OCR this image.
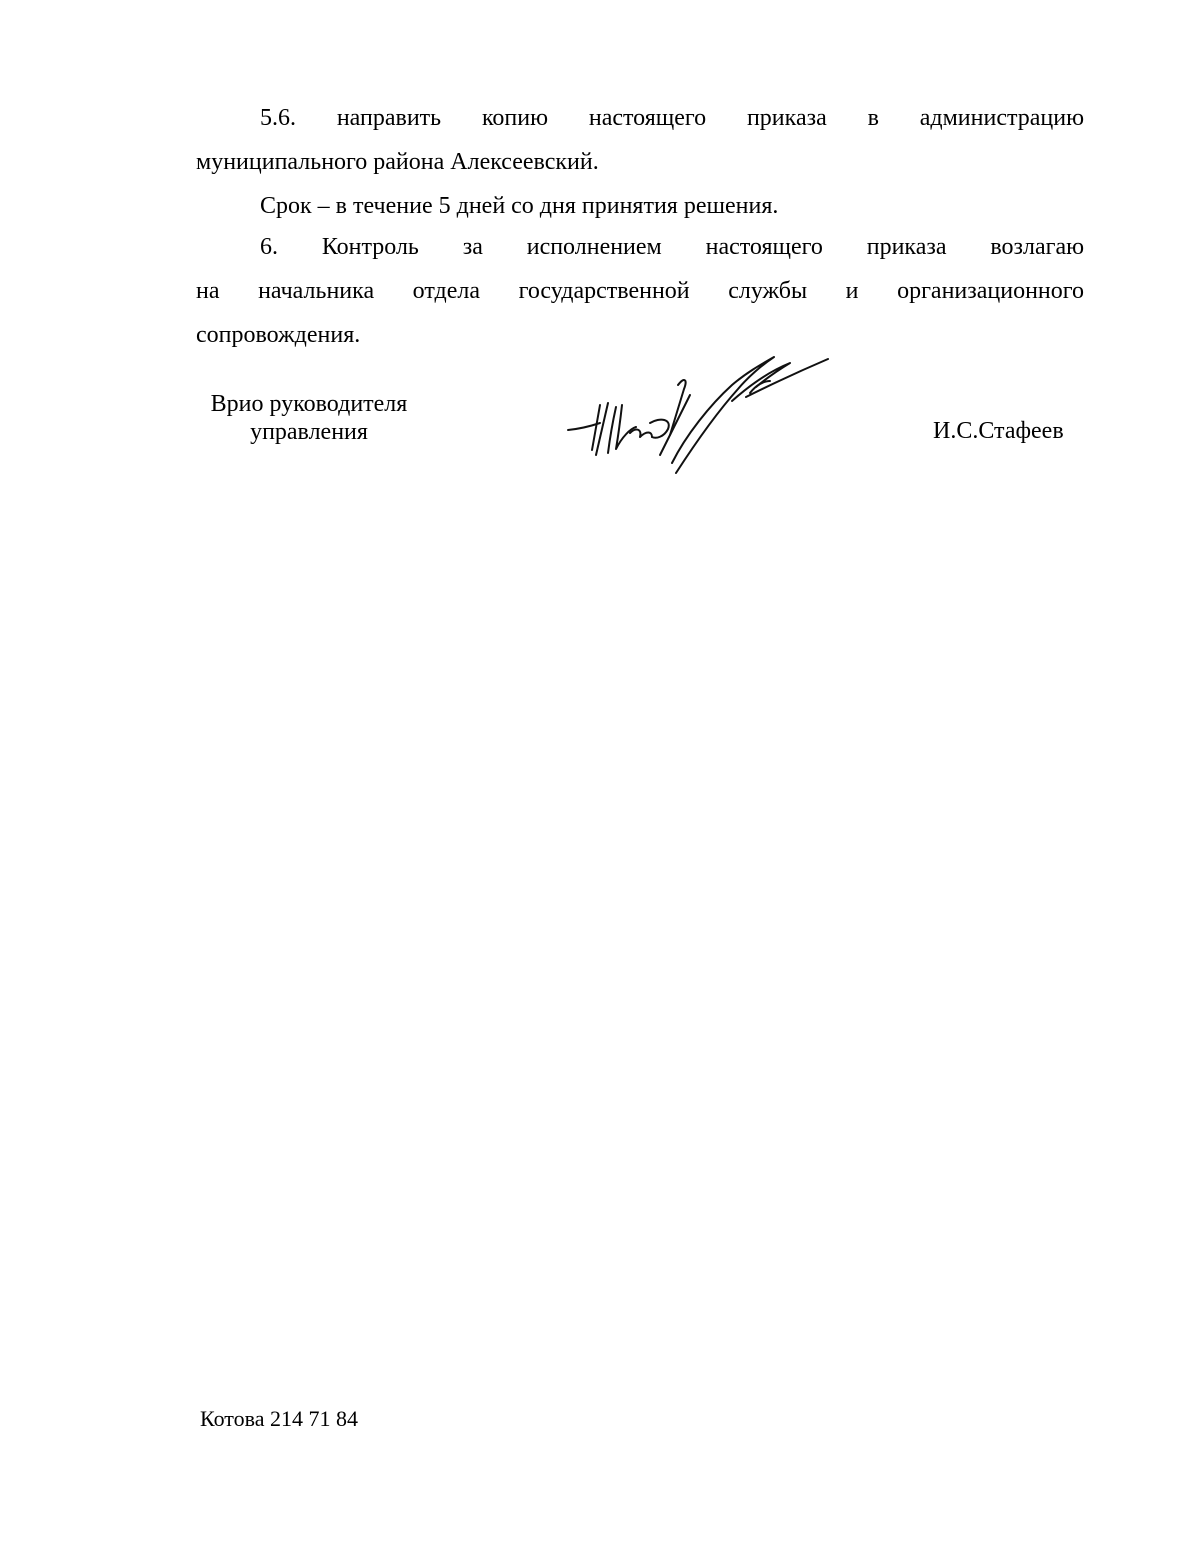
5.6. направить копию настоящего приказа в администрацию
муниципального района Алексеевский.
Срок – в течение 5 дней со дня принятия решения.
6. Контроль за исполнением настоящего приказа возлагаю
на начальника отдела государственной службы и организационного
сопровождения.
Врио руководителя
управления	И.С.Стафеев
Котова 214 71 84
